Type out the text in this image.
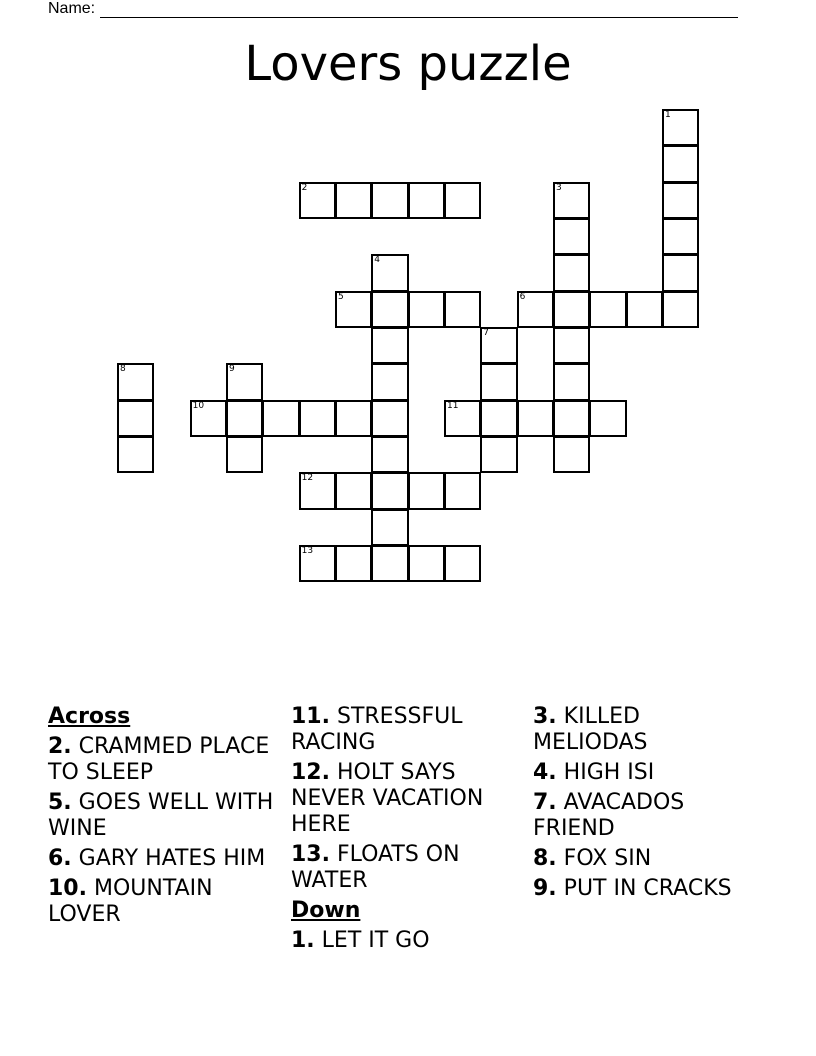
Name:
Lovers puzzle
1
2	3
4
5	6
7
8	9
10	11
12
13
Across
2. CRAMMED PLACE TO SLEEP
5. GOES WELL WITH WINE
6. GARY HATES HIM
10. MOUNTAIN LOVER
11. STRESSFUL RACING
12. HOLT SAYS NEVER VACATION HERE
13. FLOATS ON WATER
Down
1. LET IT GO
3. KILLED MELIODAS
4. HIGH ISI
7. AVACADOS FRIEND
8. FOX SIN
9. PUT IN CRACKS
